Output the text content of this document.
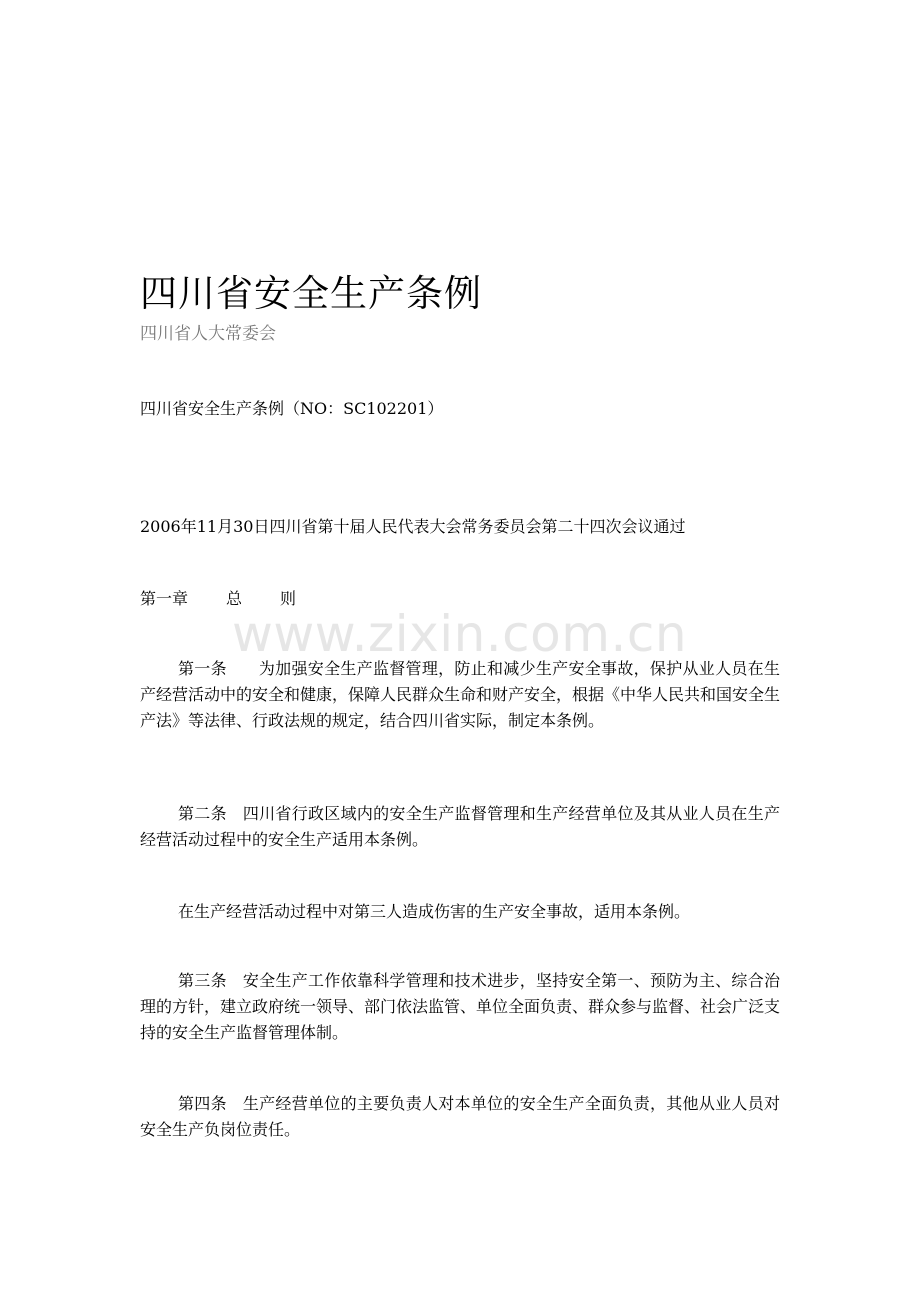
四川省安全生产条例
四川省人大常委会
四川省安全生产条例（NO：SC102201）
2006年11月30日四川省第十届人民代表大会常务委员会第二十四次会议通过
第一章 总 则
www.zixin.com.cn
第一条 为加强安全生产监督管理，防止和减少生产安全事故，保护从业人员在生产经营活动中的安全和健康，保障人民群众生命和财产安全，根据《中华人民共和国安全生产法》等法律、行政法规的规定，结合四川省实际，制定本条例。
第二条 四川省行政区域内的安全生产监督管理和生产经营单位及其从业人员在生产经营活动过程中的安全生产适用本条例。
在生产经营活动过程中对第三人造成伤害的生产安全事故，适用本条例。
第三条 安全生产工作依靠科学管理和技术进步，坚持安全第一、预防为主、综合治理的方针，建立政府统一领导、部门依法监管、单位全面负责、群众参与监督、社会广泛支持的安全生产监督管理体制。
第四条 生产经营单位的主要负责人对本单位的安全生产全面负责，其他从业人员对安全生产负岗位责任。
